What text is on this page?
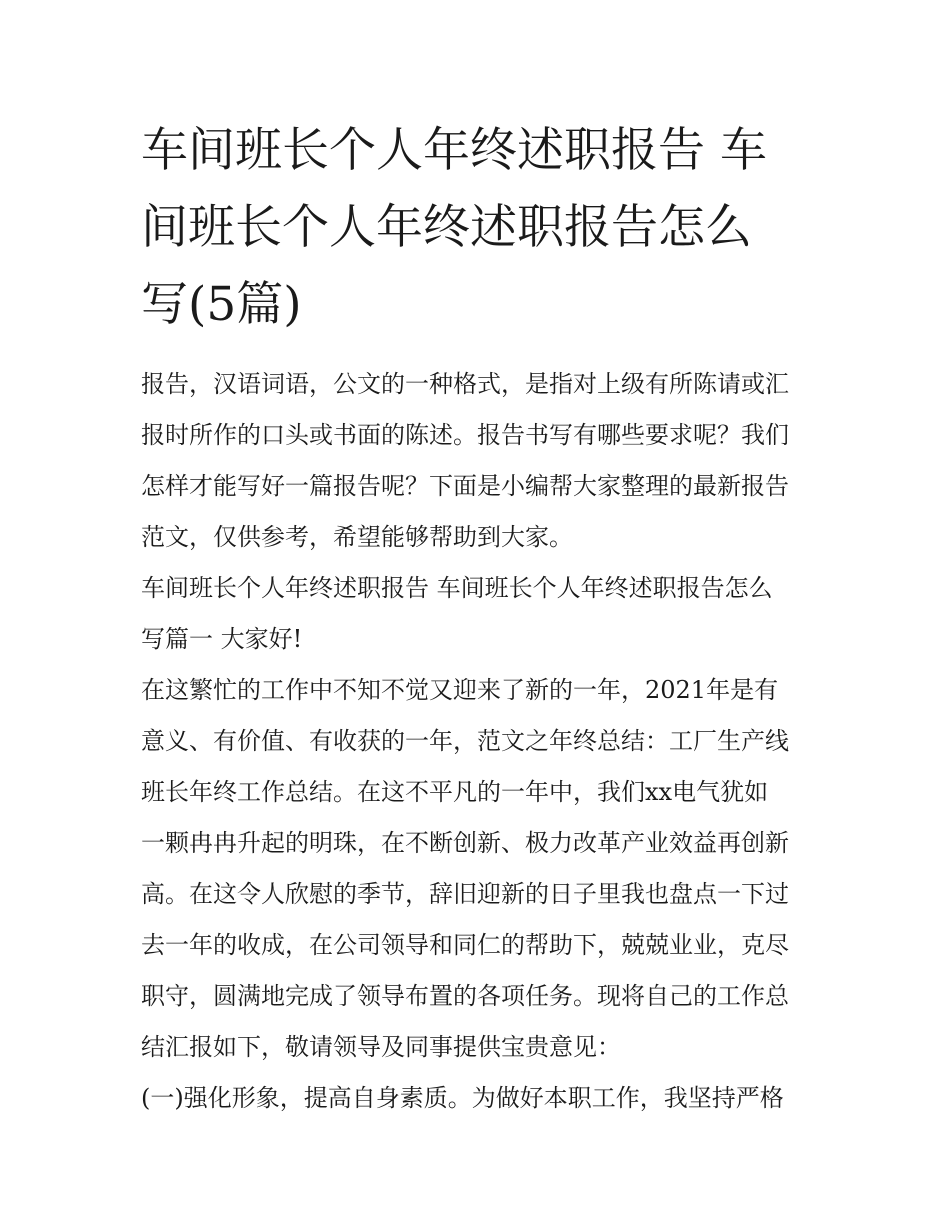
车间班长个人年终述职报告 车
间班长个人年终述职报告怎么
写(5篇)

报告，汉语词语，公文的一种格式，是指对上级有所陈请或汇
报时所作的口头或书面的陈述。报告书写有哪些要求呢？我们
怎样才能写好一篇报告呢？下面是小编帮大家整理的最新报告
范文，仅供参考，希望能够帮助到大家。

车间班长个人年终述职报告 车间班长个人年终述职报告怎么
写篇一 大家好!

在这繁忙的工作中不知不觉又迎来了新的一年，2021年是有
意义、有价值、有收获的一年，范文之年终总结：工厂生产线
班长年终工作总结。在这不平凡的一年中，我们xx电气犹如
一颗冉冉升起的明珠，在不断创新、极力改革产业效益再创新
高。在这令人欣慰的季节，辞旧迎新的日子里我也盘点一下过
去一年的收成，在公司领导和同仁的帮助下，兢兢业业，克尽
职守，圆满地完成了领导布置的各项任务。现将自己的工作总
结汇报如下，敬请领导及同事提供宝贵意见：

(一)强化形象，提高自身素质。为做好本职工作，我坚持严格
